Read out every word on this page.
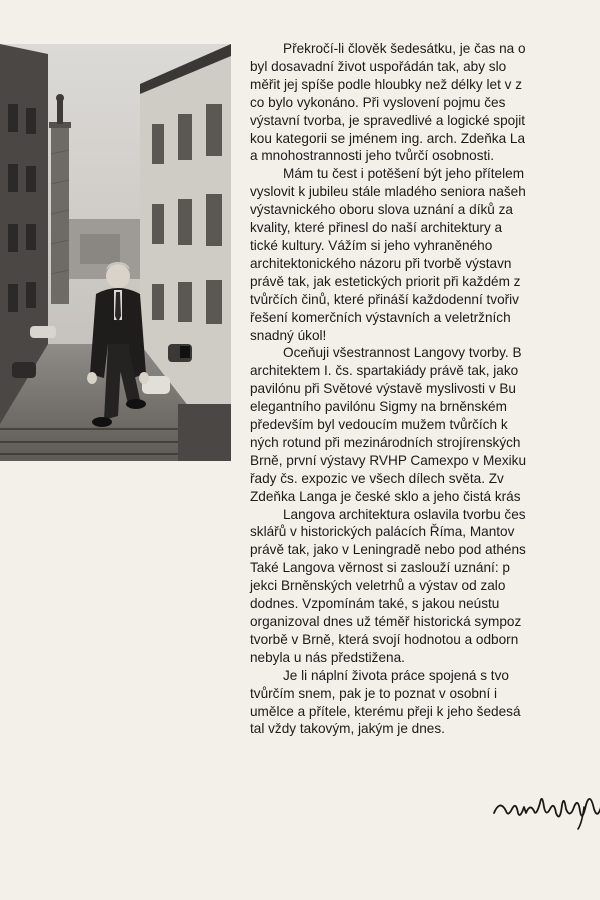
Překročí-li člověk šedesátku, je čas na o
byl dosavadní život uspořádán tak, aby slo
měřit jej spíše podle hloubky než délky let v z
co bylo vykonáno. Při vyslovení pojmu čes
výstavní tvorba, je spravedlivé a logické spojit
kou kategorii se jménem ing. arch. Zdeňka La
a mnohostrannosti jeho tvůrčí osobnosti.

Mám tu čest i potěšení být jeho přítelem
vyslovit k jubileu stále mladého seniora našeh
výstavnického oboru slova uznání a díků za
kvality, které přinesl do naší architektury a
tické kultury. Vážím si jeho vyhraněného
architektonického názoru při tvorbě výstavn
právě tak, jak estetických priorit při každém z
tvůrčích činů, které přináší každodenní tvořiv
řešení komerčních výstavních a veletržních
snadný úkol!

Oceňuji všestrannost Langovy tvorby. B
architektem I. čs. spartakiády právě tak, jako
pavilónu při Světové výstavě myslivosti v Bu
elegantního pavilónu Sigmy na brněnském
především byl vedoucím mužem tvůrčích k
ných rotund při mezinárodních strojírenských
Brně, první výstavy RVHP Camexpo v Mexiku
řady čs. expozic ve všech dílech světa. Zv
Zdeňka Langa je české sklo a jeho čistá krás

Langova architektura oslavila tvorbu čes
sklářů v historických palácích Říma, Mantov
právě tak, jako v Leningradě nebo pod athéns
Také Langova věrnost si zaslouží uznání: p
jekci Brněnských veletrhů a výstav od zalo
dodnes. Vzpomínám také, s jakou neústu
organizoval dnes už téměř historická sympoz
tvorbě v Brně, která svojí hodnotou a odborn
nebyla u nás předstižena.

Je li náplní života práce spojená s tvo
tvůrčím snem, pak je to poznat v osobní i
umělce a přítele, kterému přeji k jeho šedesá
tal vždy takovým, jakým je dnes.
